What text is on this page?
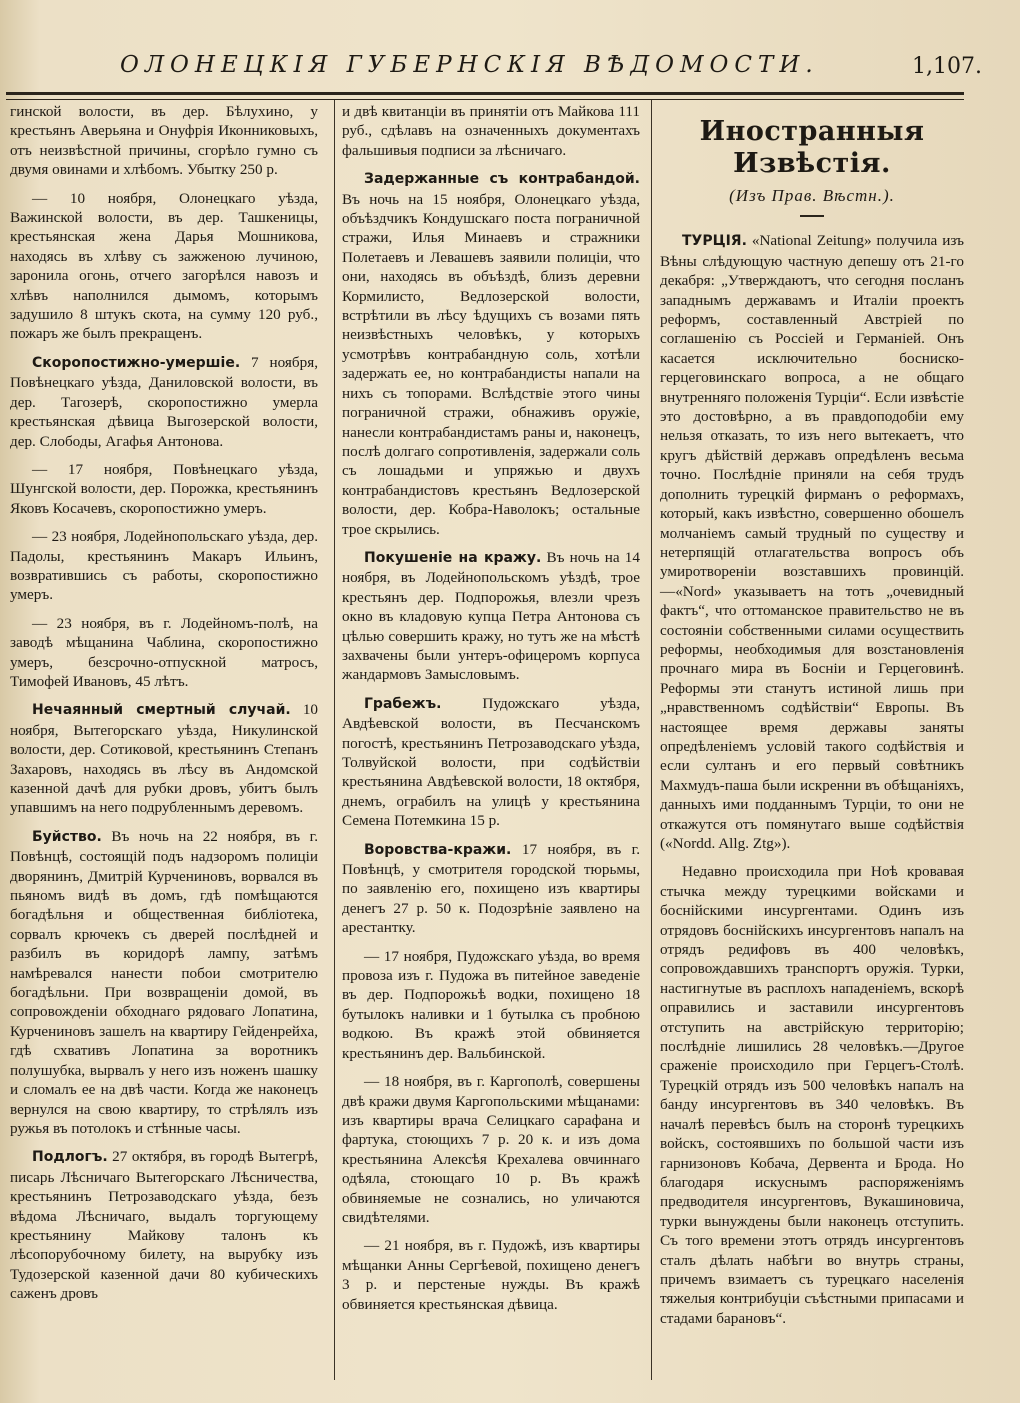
ОЛОНЕЦКІЯ ГУБЕРНСКІЯ ВѢДОМОСТИ.	1,107.

гинской волости, въ дер. Бѣлухино, у крестьянъ Аверьяна и Онуфрія Иконниковыхъ, отъ неизвѣстной причины, сгорѣло гумно съ двумя овинами и хлѣбомъ. Убытку 250 р.

— 10 ноября, Олонецкаго уѣзда, Важинской волости, въ дер. Ташкеницы, крестьянская жена Дарья Мошникова, находясь въ хлѣву съ зажженою лучиною, заронила огонь, отчего загорѣлся навозъ и хлѣвъ наполнился дымомъ, которымъ задушило 8 штукъ скота, на сумму 120 руб., пожаръ же былъ прекращенъ.

Скоропостижно-умершіе. 7 ноября, Повѣнецкаго уѣзда, Даниловской волости, въ дер. Тагозерѣ, скоропостижно умерла крестьянская дѣвица Выгозерской волости, дер. Слободы, Агафья Антонова.

— 17 ноября, Повѣнецкаго уѣзда, Шунгской волости, дер. Порожка, крестьянинъ Яковъ Косачевъ, скоропостижно умеръ.

— 23 ноября, Лодейнопольскаго уѣзда, дер. Падолы, крестьянинъ Макаръ Ильинъ, возвратившись съ работы, скоропостижно умеръ.

— 23 ноября, въ г. Лодейномъ-полѣ, на заводѣ мѣщанина Чаблина, скоропостижно умеръ, безсрочно-отпускной матросъ, Тимофей Ивановъ, 45 лѣтъ.

Нечаянный смертный случай. 10 ноября, Вытегорскаго уѣзда, Никулинской волости, дер. Сотиковой, крестьянинъ Степанъ Захаровъ, находясь въ лѣсу въ Андомской казенной дачѣ для рубки дровъ, убитъ былъ упавшимъ на него подрубленнымъ деревомъ.

Буйство. Въ ночь на 22 ноября, въ г. Повѣнцѣ, состоящій подъ надзоромъ полиціи дворянинъ, Дмитрій Курчениновъ, ворвался въ пьяномъ видѣ въ домъ, гдѣ помѣщаются богадѣльня и общественная библіотека, сорвалъ крючекъ съ дверей послѣдней и разбилъ въ коридорѣ лампу, затѣмъ намѣревался нанести побои смотрителю богадѣльни. При возвращеніи домой, въ сопровожденіи обходнаго рядоваго Лопатина, Курчениновъ зашелъ на квартиру Гейденрейха, гдѣ схвативъ Лопатина за воротникъ полушубка, вырвалъ у него изъ ноженъ шашку и сломалъ ее на двѣ части. Когда же наконецъ вернулся на свою квартиру, то стрѣлялъ изъ ружья въ потолокъ и стѣнные часы.

Подлогъ. 27 октября, въ городѣ Вытегрѣ, писарь Лѣсничаго Вытегорскаго Лѣсничества, крестьянинъ Петрозаводскаго уѣзда, безъ вѣдома Лѣсничаго, выдалъ торгующему крестьянину Майкову талонъ къ лѣсопорубочному билету, на вырубку изъ Тудозерской казенной дачи 80 кубическихъ саженъ дровъ

и двѣ квитанціи въ принятіи отъ Майкова 111 руб., сдѣлавъ на означенныхъ документахъ фальшивыя подписи за лѣсничаго.

Задержанные съ контрабандой. Въ ночь на 15 ноября, Олонецкаго уѣзда, объѣздчикъ Кондушскаго поста пограничной стражи, Илья Минаевъ и стражники Полетаевъ и Левашевъ заявили полиціи, что они, находясь въ объѣздѣ, близъ деревни Кормилисто, Ведлозерской волости, встрѣтили въ лѣсу ѣдущихъ съ возами пять неизвѣстныхъ человѣкъ, у которыхъ усмотрѣвъ контрабандную соль, хотѣли задержать ее, но контрабандисты напали на нихъ съ топорами. Вслѣдствіе этого чины пограничной стражи, обнаживъ оружіе, нанесли контрабандистамъ раны и, наконецъ, послѣ долгаго сопротивленія, задержали соль съ лошадьми и упряжью и двухъ контрабандистовъ крестьянъ Ведлозерской волости, дер. Кобра-Наволокъ; остальные трое скрылись.

Покушеніе на кражу. Въ ночь на 14 ноября, въ Лодейнопольскомъ уѣздѣ, трое крестьянъ дер. Подпорожья, влезли чрезъ окно въ кладовую купца Петра Антонова съ цѣлью совершить кражу, но тутъ же на мѣстѣ захвачены были унтеръ-офицеромъ корпуса жандармовъ Замысловымъ.

Грабежъ. Пудожскаго уѣзда, Авдѣевской волости, въ Песчанскомъ погостѣ, крестьянинъ Петрозаводскаго уѣзда, Толвуйской волости, при содѣйствіи крестьянина Авдѣевской волости, 18 октября, днемъ, ограбилъ на улицѣ у крестьянина Семена Потемкина 15 р.

Воровства-кражи. 17 ноября, въ г. Повѣнцѣ, у смотрителя городской тюрьмы, по заявленію его, похищено изъ квартиры денегъ 27 р. 50 к. Подозрѣніе заявлено на арестантку.

— 17 ноября, Пудожскаго уѣзда, во время провоза изъ г. Пудожа въ питейное заведеніе въ дер. Подпорожьѣ водки, похищено 18 бутылокъ наливки и 1 бутылка съ пробною водкою. Въ кражѣ этой обвиняется крестьянинъ дер. Вальбинской.

— 18 ноября, въ г. Каргополѣ, совершены двѣ кражи двумя Каргопольскими мѣщанами: изъ квартиры врача Селицкаго сарафана и фартука, стоющихъ 7 р. 20 к. и изъ дома крестьянина Алексѣя Крехалева овчиннаго одѣяла, стоющаго 10 р. Въ кражѣ обвиняемые не сознались, но уличаются свидѣтелями.

— 21 ноября, въ г. Пудожѣ, изъ квартиры мѣщанки Анны Сергѣевой, похищено денегъ 3 р. и перстеные нужды. Въ кражѣ обвиняется крестьянская дѣвица.

Иностранныя Извѣстія.
(Изъ Прав. Вѣстн.).

ТУРЦІЯ. «National Zeitung» получила изъ Вѣны слѣдующую частную депешу отъ 21-го декабря: „Утверждаютъ, что сегодня посланъ западнымъ державамъ и Италіи проектъ реформъ, составленный Австріей по соглашенію съ Россіей и Германіей. Онъ касается исключительно босниско-герцеговинскаго вопроса, а не общаго внутренняго положенія Турціи“. Если извѣстіе это достовѣрно, а въ правдоподобіи ему нельзя отказать, то изъ него вытекаетъ, что кругъ дѣйствій державъ опредѣленъ весьма точно. Послѣдніе приняли на себя трудъ дополнить турецкій фирманъ о реформахъ, который, какъ извѣстно, совершенно обошелъ молчаніемъ самый трудный по существу и нетерпящій отлагательства вопросъ объ умиротвореніи возставшихъ провинцій.—«Nord» указываетъ на тотъ „очевидный фактъ“, что оттоманское правительство не въ состояніи собственными силами осуществить реформы, необходимыя для возстановленія прочнаго мира въ Босніи и Герцеговинѣ. Реформы эти станутъ истиной лишь при „нравственномъ содѣйствіи“ Европы. Въ настоящее время державы заняты опредѣленіемъ условій такого содѣйствія и если султанъ и его первый совѣтникъ Махмудъ-паша были искренни въ обѣщаніяхъ, данныхъ ими подданнымъ Турціи, то они не откажутся отъ помянутаго выше содѣйствія («Nordd. Allg. Ztg»).

Недавно происходила при Ноѣ кровавая стычка между турецкими войсками и боснійскими инсургентами. Одинъ изъ отрядовъ боснійскихъ инсургентовъ напалъ на отрядъ редифовъ въ 400 человѣкъ, сопровождавшихъ транспортъ оружія. Турки, настигнутые въ расплохъ нападеніемъ, вскорѣ оправились и заставили инсургентовъ отступить на австрійскую территорію; послѣдніе лишились 28 человѣкъ.—Другое сраженіе происходило при Герцегъ-Столѣ. Турецкій отрядъ изъ 500 человѣкъ напалъ на банду инсургентовъ въ 340 человѣкъ. Въ началѣ перевѣсъ былъ на сторонѣ турецкихъ войскъ, состоявшихъ по большой части изъ гарнизоновъ Кобача, Дервента и Брода. Но благодаря искуснымъ распоряженіямъ предводителя инсургентовъ, Вукашиновича, турки вынуждены были наконецъ отступить. Съ того времени этотъ отрядъ инсургентовъ сталъ дѣлать набѣги во внутрь страны, причемъ взимаетъ съ турецкаго населенія тяжелыя контрибуціи съѣстными припасами и стадами барановъ“.
